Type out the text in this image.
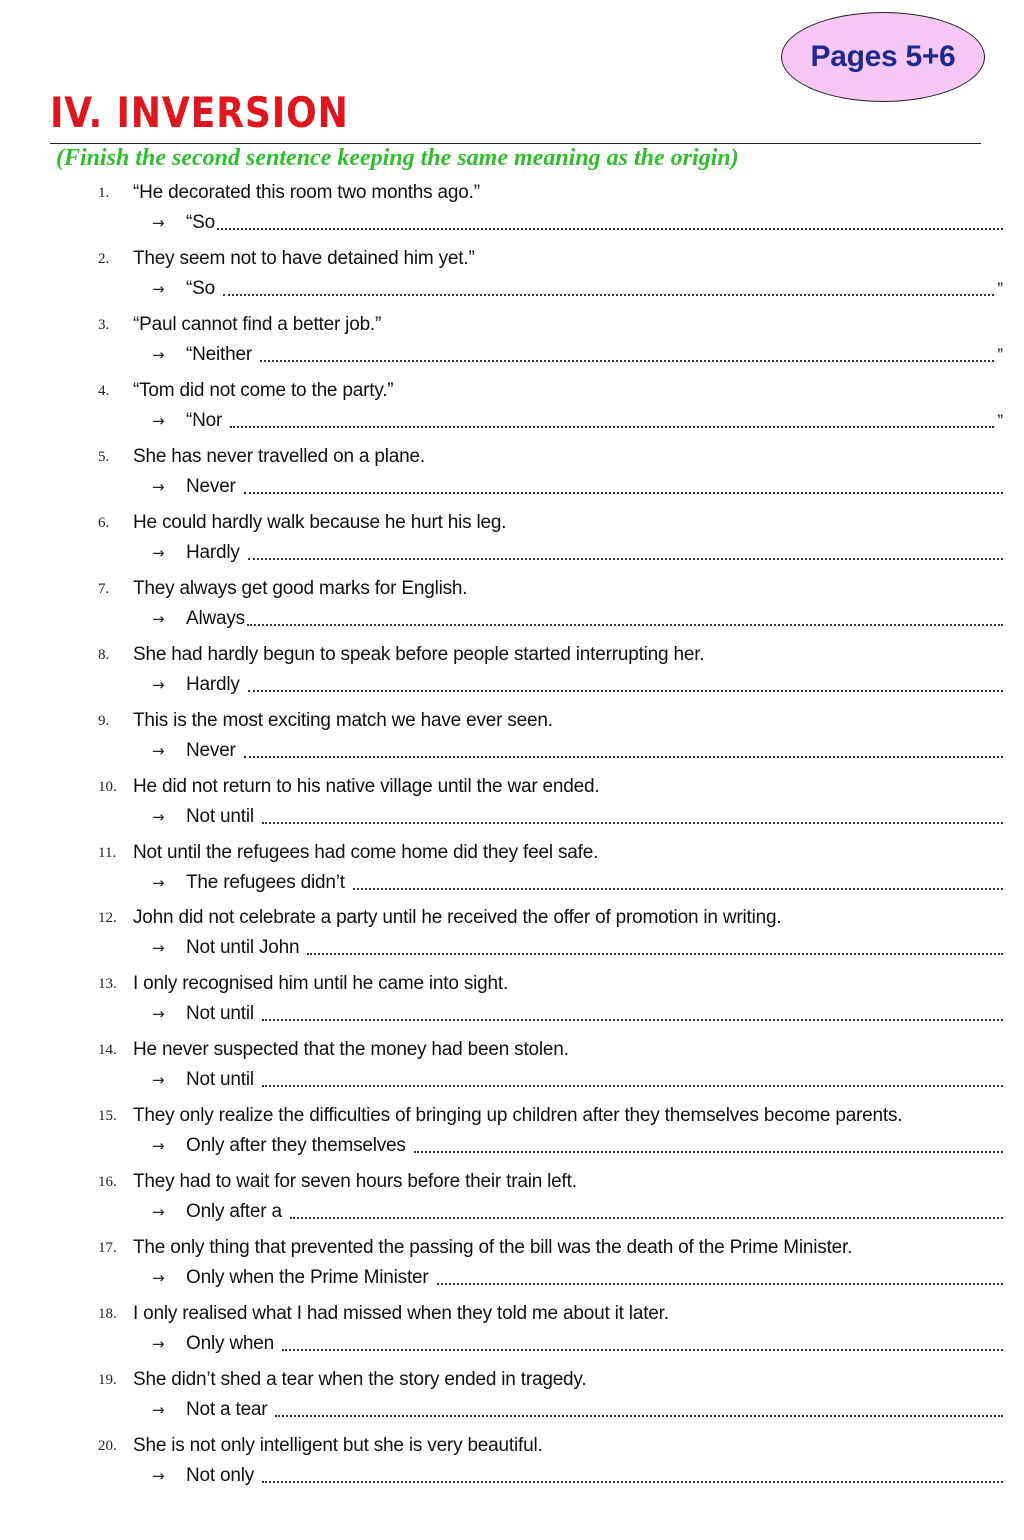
Pages 5+6
IV. INVERSION
(Finish the second sentence keeping the same meaning as the origin)
1. “He decorated this room two months ago.”
→	“So
2. They seem not to have detained him yet.”
→	“So	”
3. “Paul cannot find a better job.”
→	“Neither	”
4. “Tom did not come to the party.”
→	“Nor	”
5. She has never travelled on a plane.
→	Never
6. He could hardly walk because he hurt his leg.
→	Hardly
7. They always get good marks for English.
→	Always
8. She had hardly begun to speak before people started interrupting her.
→	Hardly
9. This is the most exciting match we have ever seen.
→	Never
10. He did not return to his native village until the war ended.
→	Not until
11. Not until the refugees had come home did they feel safe.
→	The refugees didn’t
12. John did not celebrate a party until he received the offer of promotion in writing.
→	Not until John
13. I only recognised him until he came into sight.
→	Not until
14. He never suspected that the money had been stolen.
→	Not until
15. They only realize the difficulties of bringing up children after they themselves become parents.
→	Only after they themselves
16. They had to wait for seven hours before their train left.
→	Only after a
17. The only thing that prevented the passing of the bill was the death of the Prime Minister.
→	Only when the Prime Minister
18. I only realised what I had missed when they told me about it later.
→	Only when
19. She didn’t shed a tear when the story ended in tragedy.
→	Not a tear
20. She is not only intelligent but she is very beautiful.
→	Not only
